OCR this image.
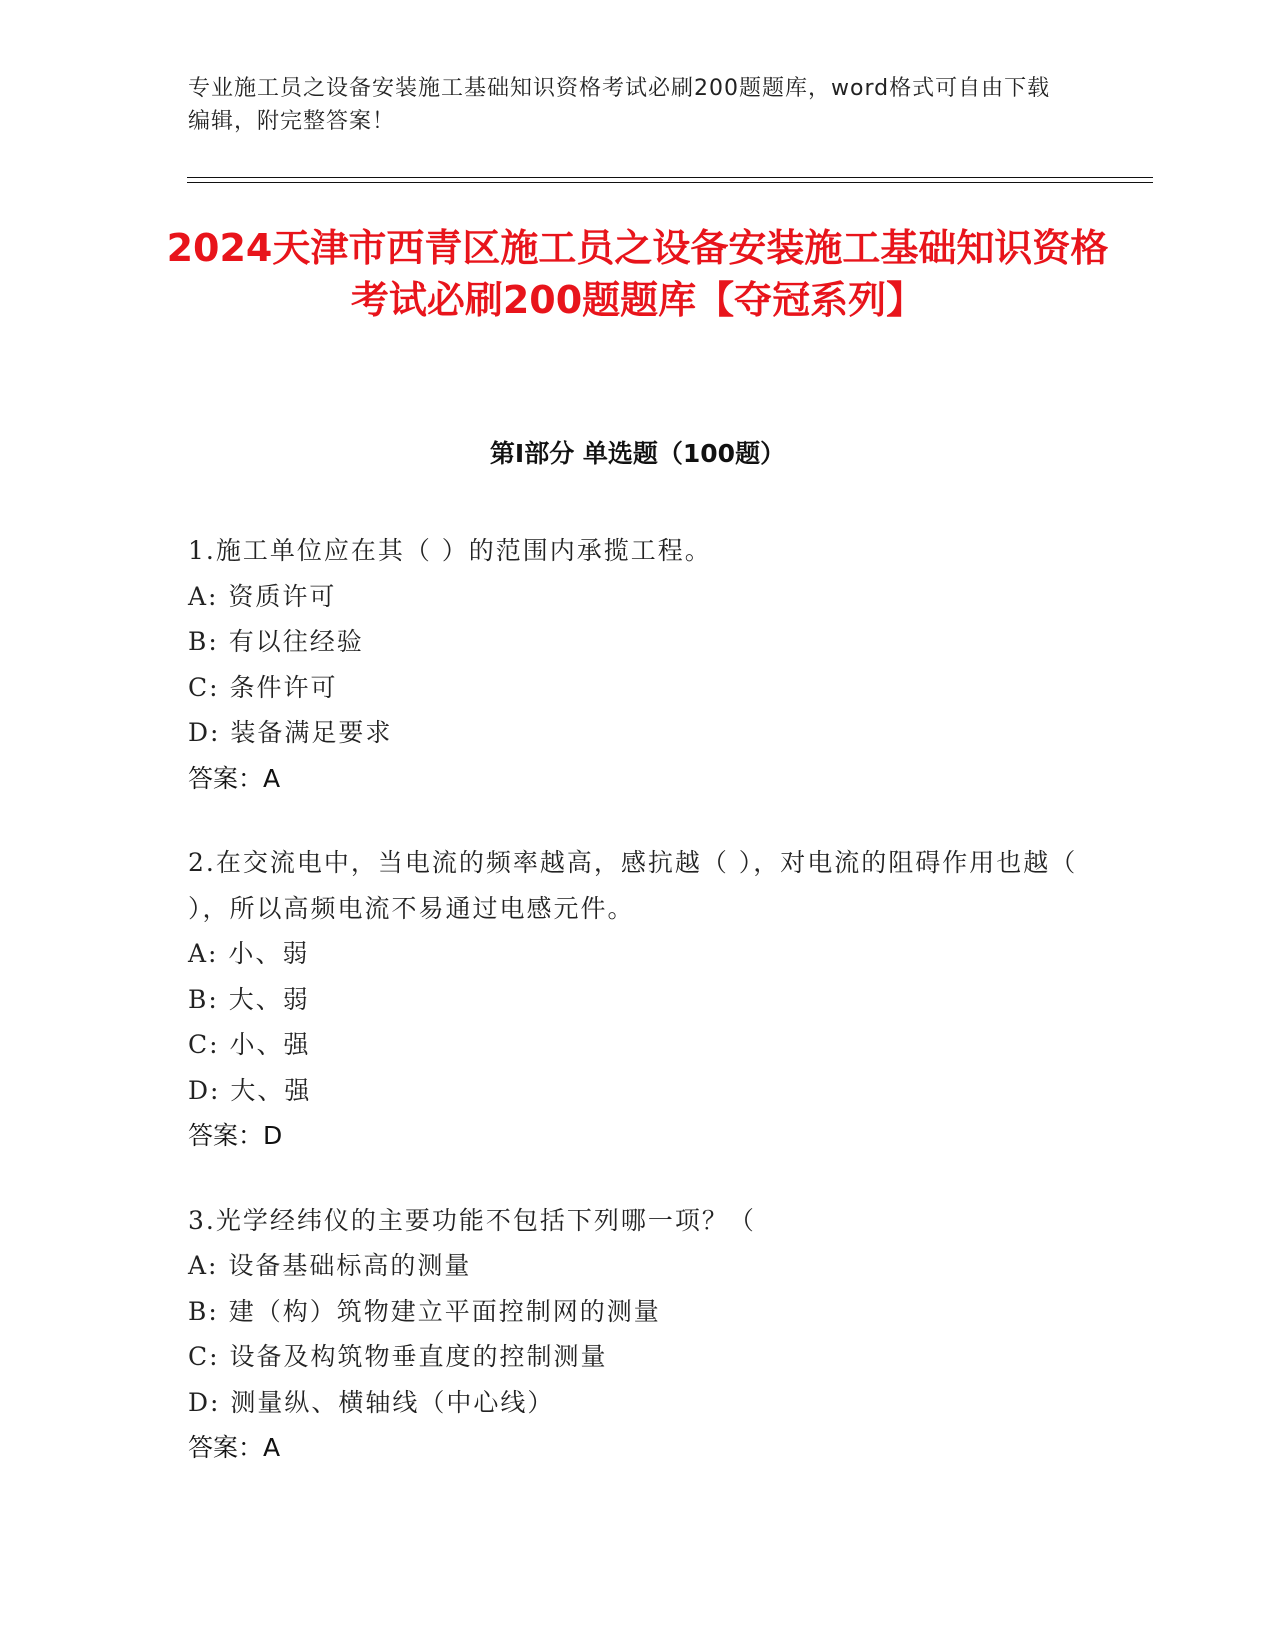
专业施工员之设备安装施工基础知识资格考试必刷200题题库，word格式可自由下载编辑，附完整答案！
2024天津市西青区施工员之设备安装施工基础知识资格考试必刷200题题库【夺冠系列】
第I部分 单选题（100题）

1.施工单位应在其（ ）的范围内承揽工程。

A: 资质许可

B: 有以往经验

C: 条件许可

D: 装备满足要求

答案：A

2.在交流电中，当电流的频率越高，感抗越（ ），对电流的阻碍作用也越（ ），所以高频电流不易通过电感元件。

A: 小、弱

B: 大、弱

C: 小、强

D: 大、强

答案：D

3.光学经纬仪的主要功能不包括下列哪一项？（

A: 设备基础标高的测量

B: 建（构）筑物建立平面控制网的测量

C: 设备及构筑物垂直度的控制测量

D: 测量纵、横轴线（中心线）

答案：A
